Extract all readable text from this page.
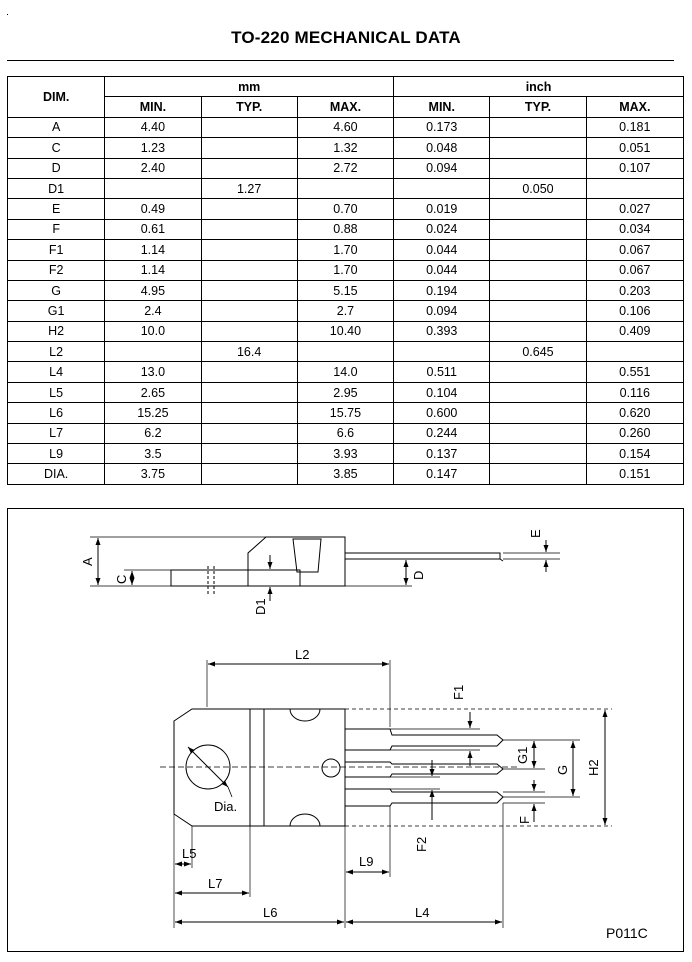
TO-220 MECHANICAL DATA
DIM.	mm			inch		
	MIN.	TYP.	MAX.	MIN.	TYP.	MAX.
A	4.40		4.60	0.173		0.181
C	1.23		1.32	0.048		0.051
D	2.40		2.72	0.094		0.107
D1		1.27			0.050	
E	0.49		0.70	0.019		0.027
F	0.61		0.88	0.024		0.034
F1	1.14		1.70	0.044		0.067
F2	1.14		1.70	0.044		0.067
G	4.95		5.15	0.194		0.203
G1	2.4		2.7	0.094		0.106
H2	10.0		10.40	0.393		0.409
L2		16.4			0.645	
L4	13.0		14.0	0.511		0.551
L5	2.65		2.95	0.104		0.116
L6	15.25		15.75	0.600		0.620
L7	6.2		6.6	0.244		0.260
L9	3.5		3.93	0.137		0.154
DIA.	3.75		3.85	0.147		0.151
A
C	D
D1
E
L2
F1
G1
G H2
F
F2
Dia.
L5
L7
L9
L6	L4
P011C
